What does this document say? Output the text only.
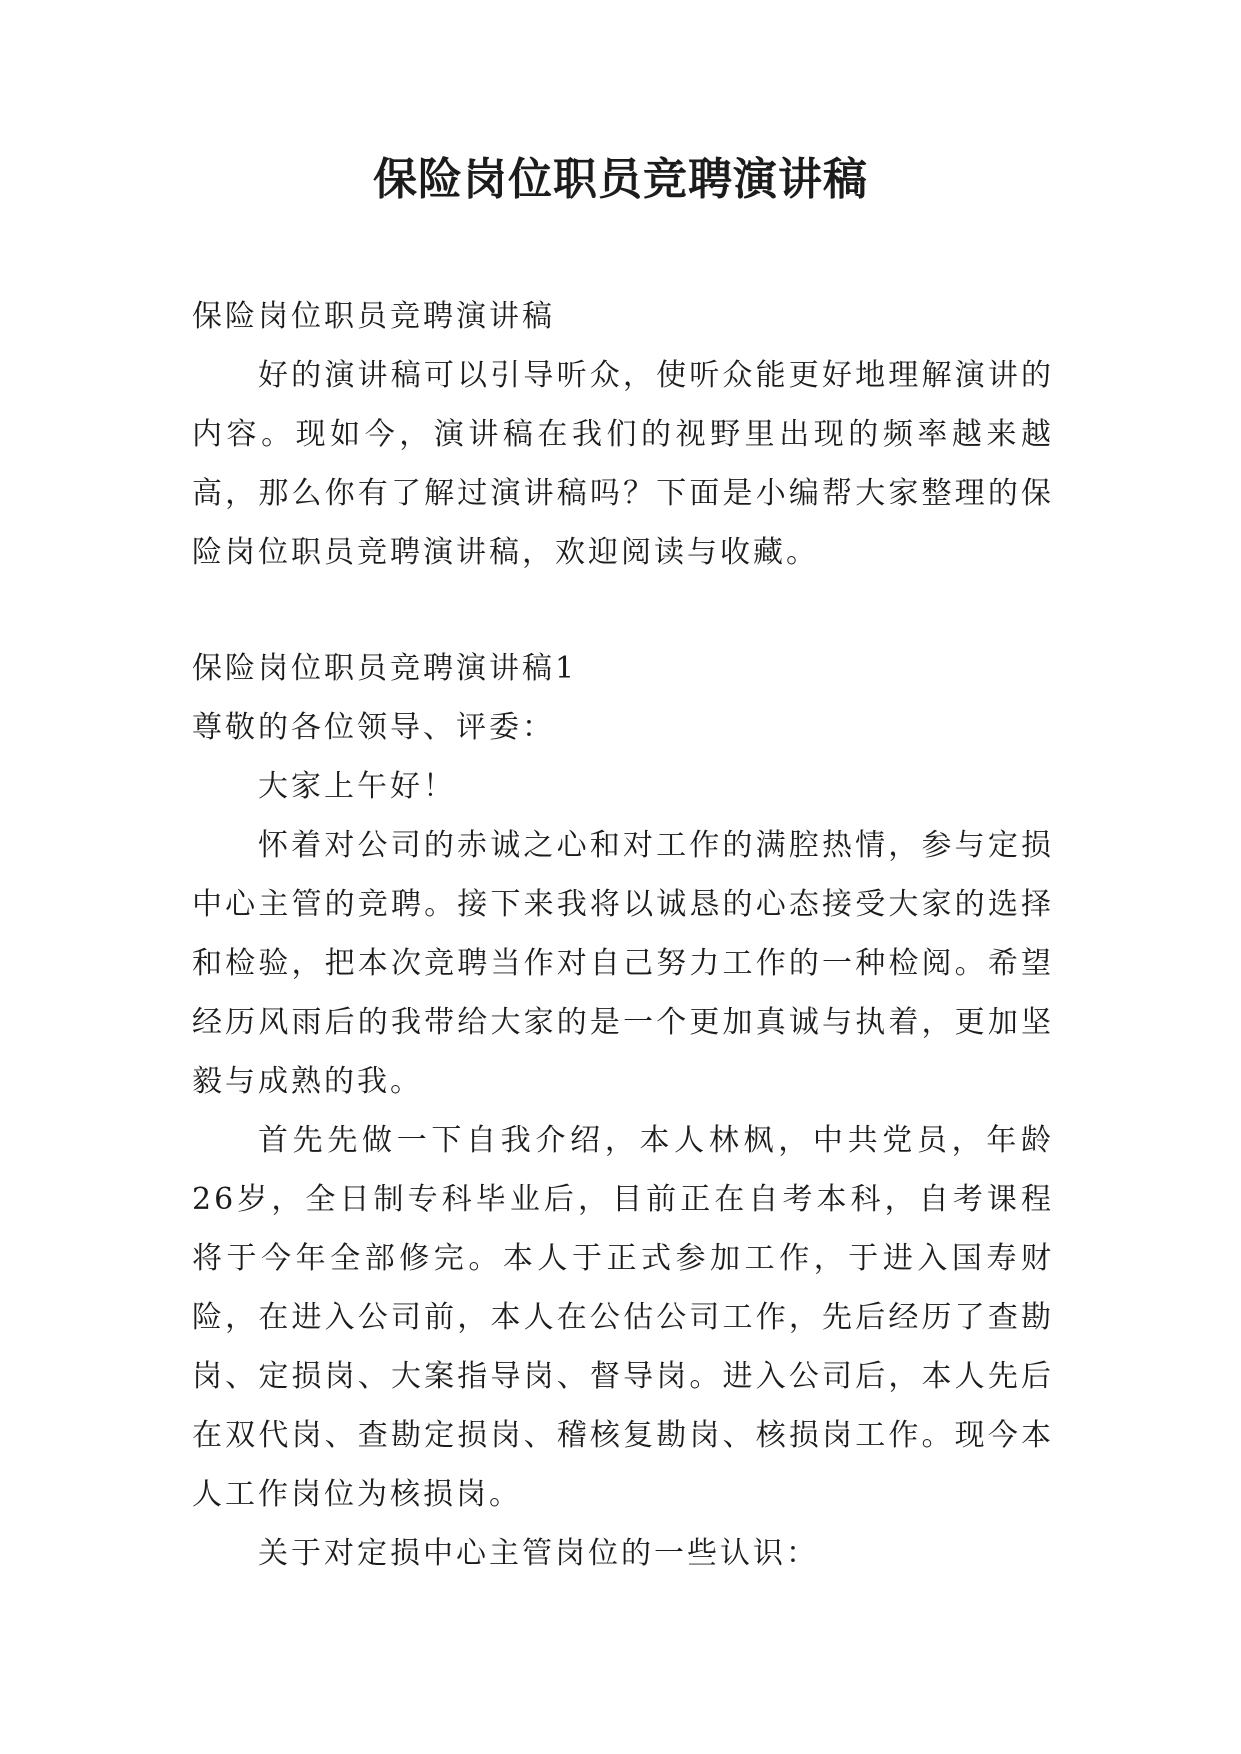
保险岗位职员竞聘演讲稿

保险岗位职员竞聘演讲稿

好的演讲稿可以引导听众，使听众能更好地理解演讲的内容。现如今，演讲稿在我们的视野里出现的频率越来越高，那么你有了解过演讲稿吗？下面是小编帮大家整理的保险岗位职员竞聘演讲稿，欢迎阅读与收藏。

保险岗位职员竞聘演讲稿1

尊敬的各位领导、评委：

大家上午好！

怀着对公司的赤诚之心和对工作的满腔热情，参与定损中心主管的竞聘。接下来我将以诚恳的心态接受大家的选择和检验，把本次竞聘当作对自己努力工作的一种检阅。希望经历风雨后的我带给大家的是一个更加真诚与执着，更加坚毅与成熟的我。

首先先做一下自我介绍，本人林枫，中共党员，年龄26岁，全日制专科毕业后，目前正在自考本科，自考课程将于今年全部修完。本人于正式参加工作，于进入国寿财险，在进入公司前，本人在公估公司工作，先后经历了查勘岗、定损岗、大案指导岗、督导岗。进入公司后，本人先后在双代岗、查勘定损岗、稽核复勘岗、核损岗工作。现今本人工作岗位为核损岗。

关于对定损中心主管岗位的一些认识：
